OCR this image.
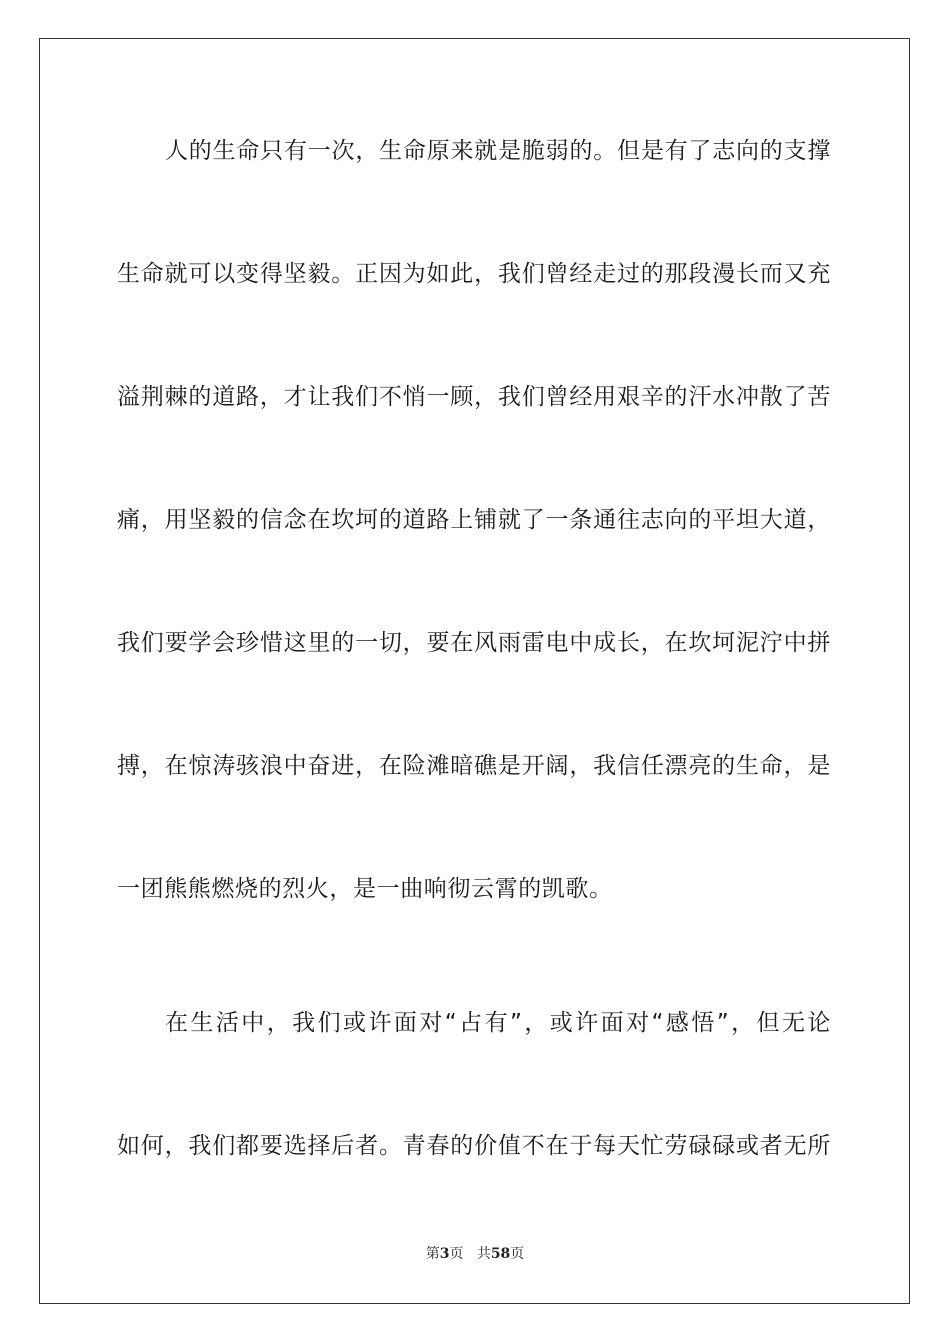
人的生命只有一次，生命原来就是脆弱的。但是有了志向的支撑
生命就可以变得坚毅。正因为如此，我们曾经走过的那段漫长而又充
溢荆棘的道路，才让我们不悄一顾，我们曾经用艰辛的汗水冲散了苦
痛，用坚毅的信念在坎坷的道路上铺就了一条通往志向的平坦大道，
我们要学会珍惜这里的一切，要在风雨雷电中成长，在坎坷泥泞中拼
搏，在惊涛骇浪中奋进，在险滩暗礁是开阔，我信任漂亮的生命，是
一团熊熊燃烧的烈火，是一曲响彻云霄的凯歌。
在生活中，我们或许面对“占有”，或许面对“感悟”，但无论
如何，我们都要选择后者。青春的价值不在于每天忙劳碌碌或者无所
第3页 共58页
